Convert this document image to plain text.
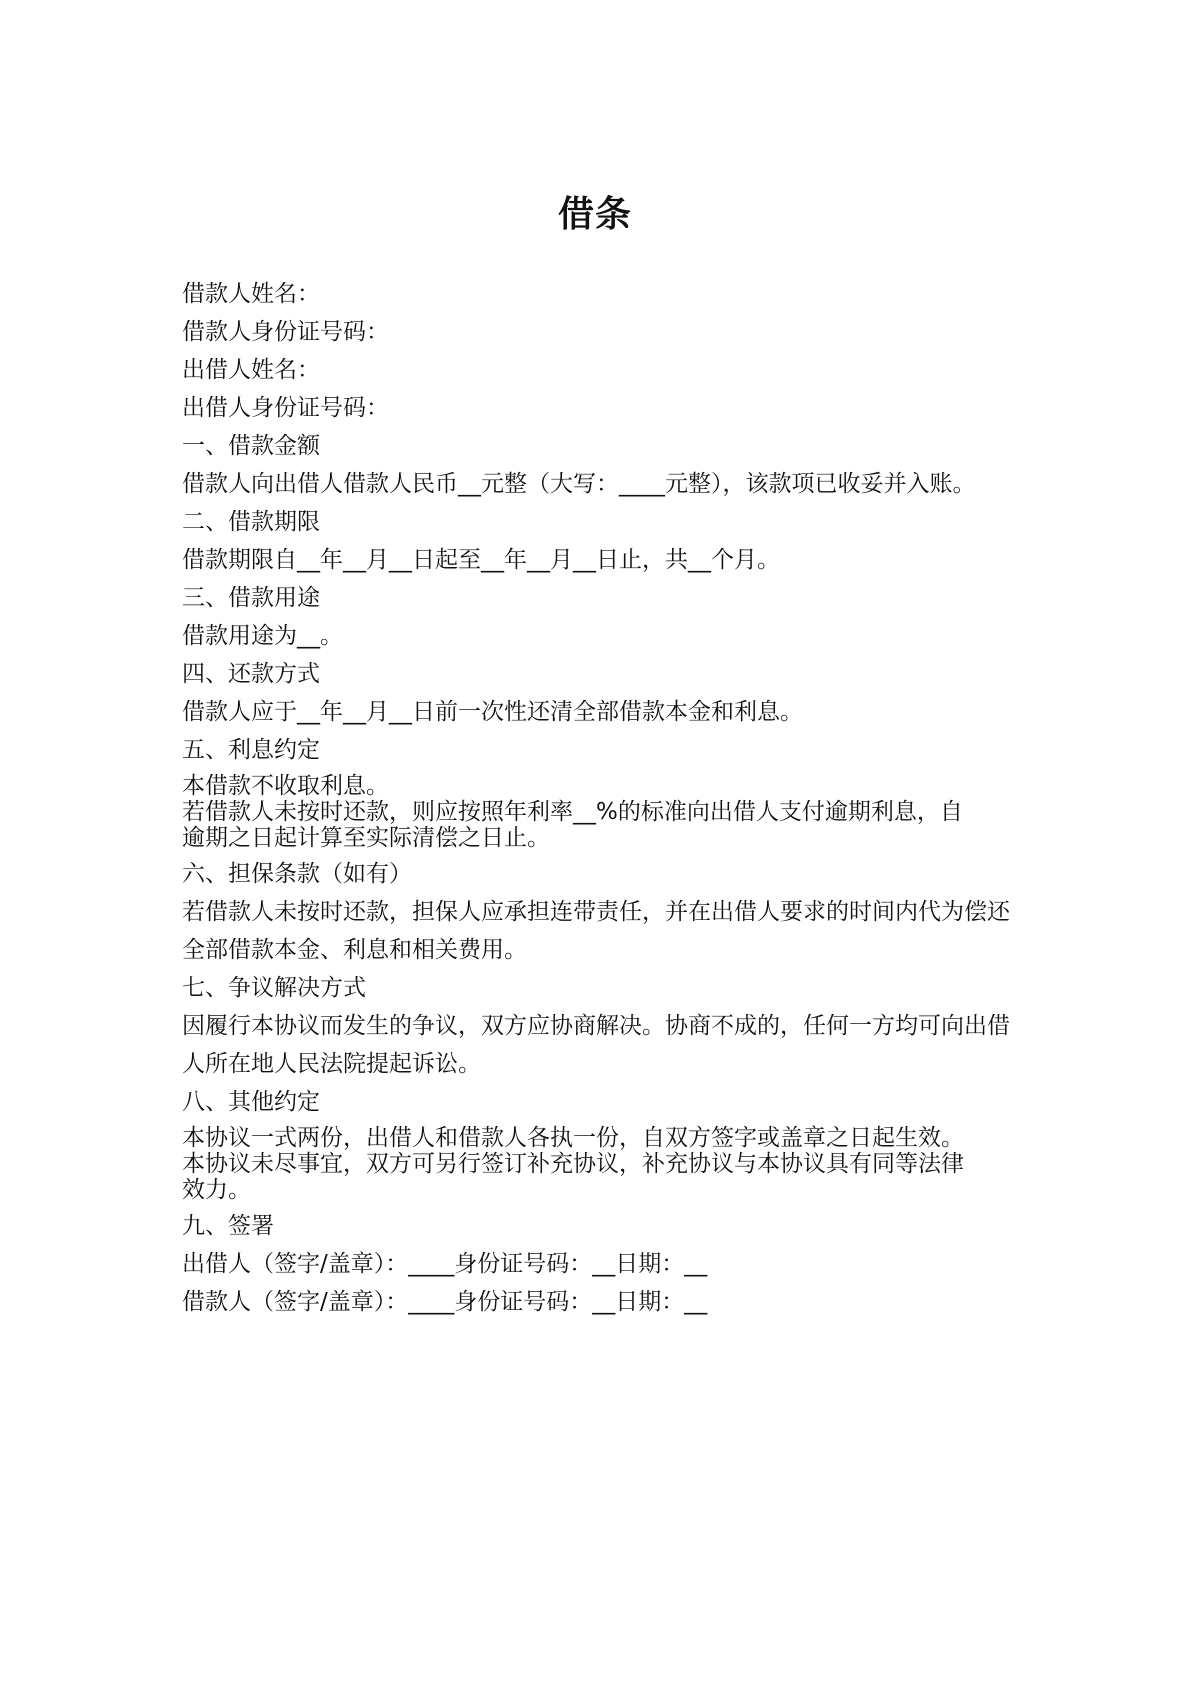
借条
借款人姓名：
借款人身份证号码：
出借人姓名：
出借人身份证号码：
一、借款金额
借款人向出借人借款人民币__元整（大写：____元整），该款项已收妥并入账。
二、借款期限
借款期限自__年__月__日起至__年__月__日止，共__个月。
三、借款用途
借款用途为__。
四、还款方式
借款人应于__年__月__日前一次性还清全部借款本金和利息。
五、利息约定
本借款不收取利息。
若借款人未按时还款，则应按照年利率__%的标准向出借人支付逾期利息，自
逾期之日起计算至实际清偿之日止。
六、担保条款（如有）
若借款人未按时还款，担保人应承担连带责任，并在出借人要求的时间内代为偿还全部借款本金、利息和相关费用。
七、争议解决方式
因履行本协议而发生的争议，双方应协商解决。协商不成的，任何一方均可向出借人所在地人民法院提起诉讼。
八、其他约定
本协议一式两份，出借人和借款人各执一份，自双方签字或盖章之日起生效。
本协议未尽事宜，双方可另行签订补充协议，补充协议与本协议具有同等法律
效力。
九、签署
出借人（签字/盖章）：____身份证号码：__日期：__
借款人（签字/盖章）：____身份证号码：__日期：__
